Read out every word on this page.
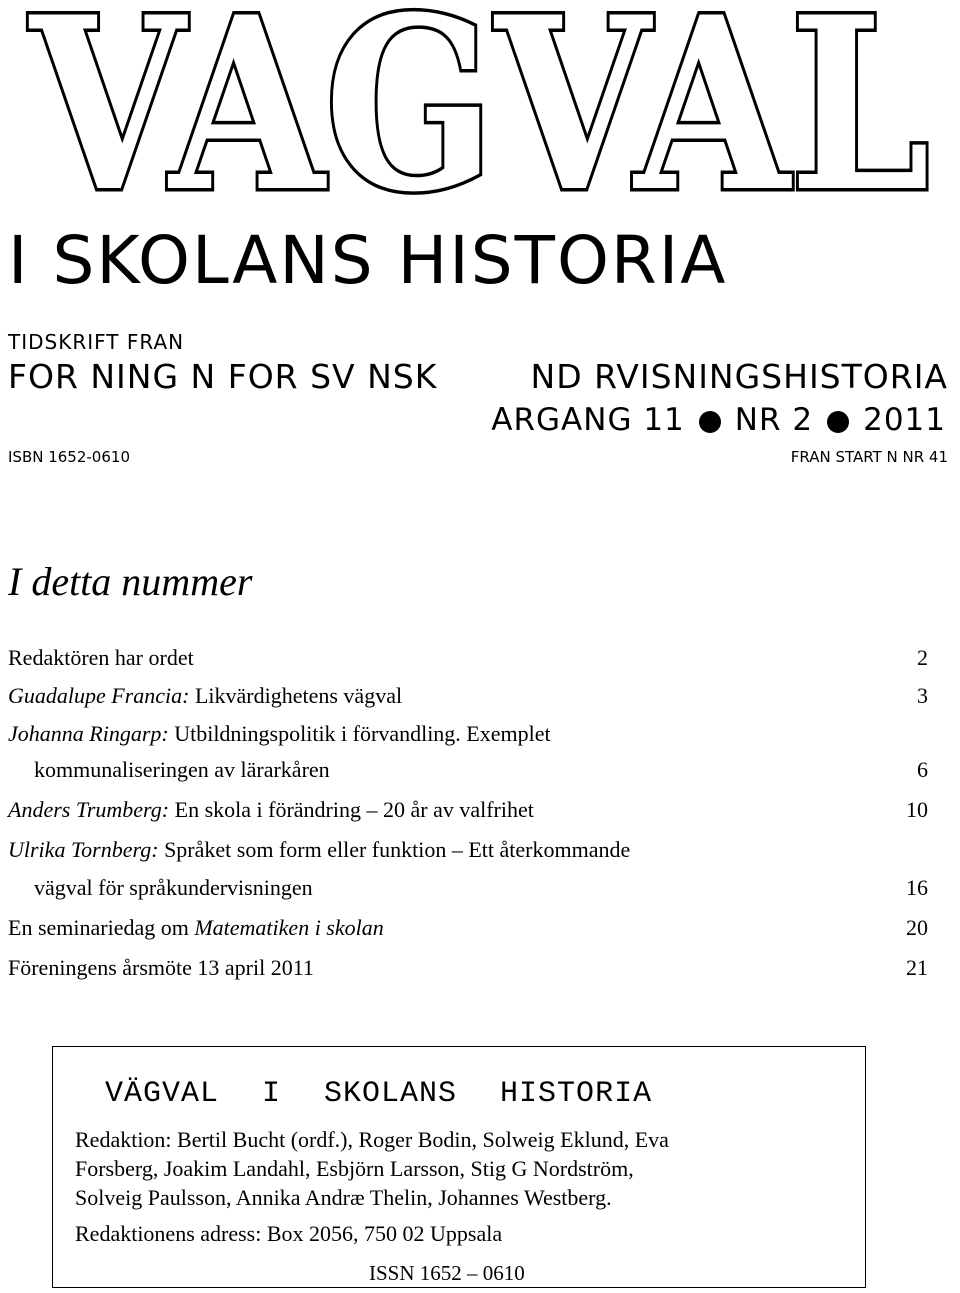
VAGVAL
I SKOLANS HISTORIA
TIDSKRIFT FRAN
FOR NING N FOR SV NSK	ND RVISNINGSHISTORIA
ARGANG 11 NR 2 2011
ISBN 1652-0610	FRAN START N NR 41
I detta nummer
Redaktören har ordet	2
Guadalupe Francia: Likvärdighetens vägval	3
Johanna Ringarp: Utbildningspolitik i förvandling. Exemplet
kommunaliseringen av lärarkåren	6
Anders Trumberg: En skola i förändring – 20 år av valfrihet	10
Ulrika Tornberg: Språket som form eller funktion – Ett återkommande
vägval för språkundervisningen	16
En seminariedag om Matematiken i skolan	20
Föreningens årsmöte 13 april 2011	21
VÄGVAL I SKOLANS HISTORIA
Redaktion: Bertil Bucht (ordf.), Roger Bodin, Solweig Eklund, Eva
Forsberg, Joakim Landahl, Esbjörn Larsson, Stig G Nordström,
Solveig Paulsson, Annika Andræ Thelin, Johannes Westberg.
Redaktionens adress: Box 2056, 750 02 Uppsala
ISSN 1652 – 0610
